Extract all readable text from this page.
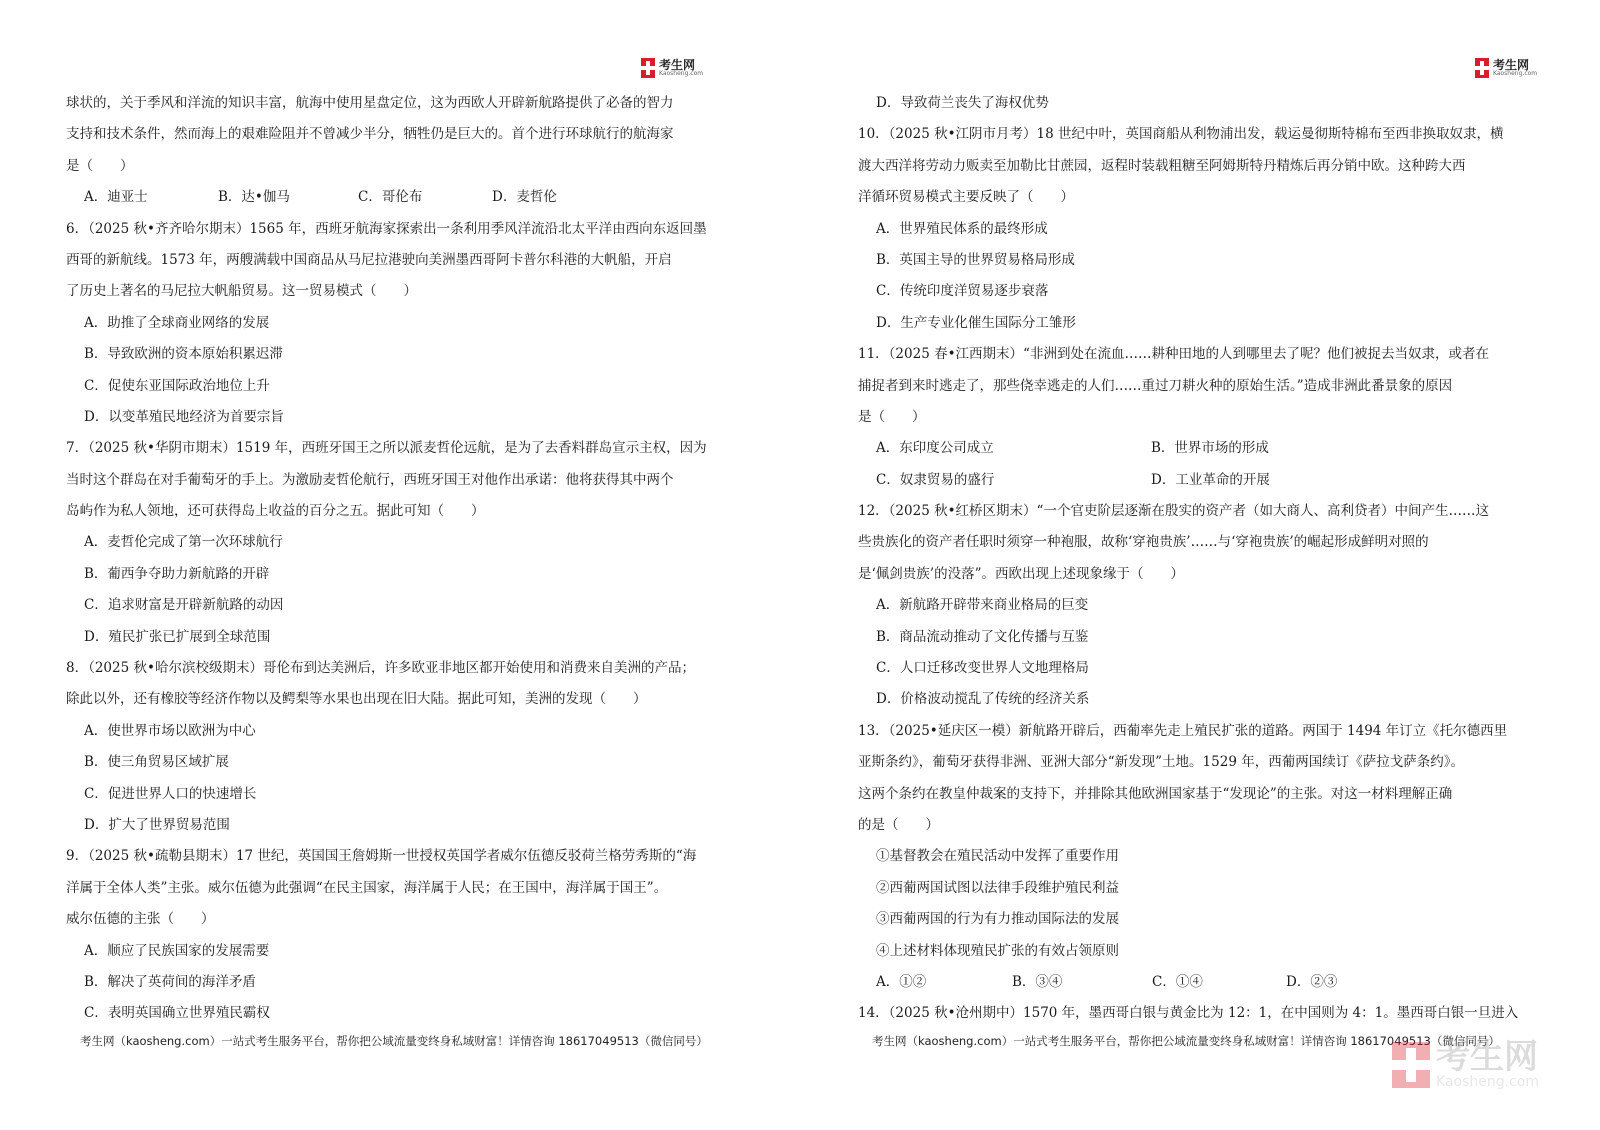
考生网
Kaosheng.com
球状的，关于季风和洋流的知识丰富，航海中使用星盘定位，这为西欧人开辟新航路提供了必备的智力
支持和技术条件，然而海上的艰难险阻并不曾减少半分，牺牲仍是巨大的。首个进行环球航行的航海家
是（　　）
A．迪亚士	B．达•伽马	C．哥伦布	D．麦哲伦
6．（2025 秋•齐齐哈尔期末）1565 年，西班牙航海家探索出一条利用季风洋流沿北太平洋由西向东返回墨
西哥的新航线。1573 年，两艘满载中国商品从马尼拉港驶向美洲墨西哥阿卡普尔科港的大帆船，开启
了历史上著名的马尼拉大帆船贸易。这一贸易模式（　　）
A．助推了全球商业网络的发展
B．导致欧洲的资本原始积累迟滞
C．促使东亚国际政治地位上升
D．以变革殖民地经济为首要宗旨
7．（2025 秋•华阴市期末）1519 年，西班牙国王之所以派麦哲伦远航，是为了去香料群岛宣示主权，因为
当时这个群岛在对手葡萄牙的手上。为激励麦哲伦航行，西班牙国王对他作出承诺：他将获得其中两个
岛屿作为私人领地，还可获得岛上收益的百分之五。据此可知（　　）
A．麦哲伦完成了第一次环球航行
B．葡西争夺助力新航路的开辟
C．追求财富是开辟新航路的动因
D．殖民扩张已扩展到全球范围
8．（2025 秋•哈尔滨校级期末）哥伦布到达美洲后，许多欧亚非地区都开始使用和消费来自美洲的产品；
除此以外，还有橡胶等经济作物以及鳄梨等水果也出现在旧大陆。据此可知，美洲的发现（　　）
A．使世界市场以欧洲为中心
B．使三角贸易区域扩展
C．促进世界人口的快速增长
D．扩大了世界贸易范围
9．（2025 秋•疏勒县期末）17 世纪，英国国王詹姆斯一世授权英国学者威尔伍德反驳荷兰格劳秀斯的“海
洋属于全体人类”主张。威尔伍德为此强调“在民主国家，海洋属于人民；在王国中，海洋属于国王”。
威尔伍德的主张（　　）
A．顺应了民族国家的发展需要
B．解决了英荷间的海洋矛盾
C．表明英国确立世界殖民霸权
考生网（kaosheng.com）一站式考生服务平台，帮你把公域流量变终身私域财富！详情咨询 18617049513（微信同号）
考生网
Kaosheng.com
D．导致荷兰丧失了海权优势
10．（2025 秋•江阴市月考）18 世纪中叶，英国商船从利物浦出发，载运曼彻斯特棉布至西非换取奴隶，横
渡大西洋将劳动力贩卖至加勒比甘蔗园，返程时装载粗糖至阿姆斯特丹精炼后再分销中欧。这种跨大西
洋循环贸易模式主要反映了（　　）
A．世界殖民体系的最终形成
B．英国主导的世界贸易格局形成
C．传统印度洋贸易逐步衰落
D．生产专业化催生国际分工雏形
11．（2025 春•江西期末）“非洲到处在流血……耕种田地的人到哪里去了呢？他们被捉去当奴隶，或者在
捕捉者到来时逃走了，那些侥幸逃走的人们……重过刀耕火种的原始生活。”造成非洲此番景象的原因
是（　　）
A．东印度公司成立	B．世界市场的形成
C．奴隶贸易的盛行	D．工业革命的开展
12．（2025 秋•红桥区期末）“一个官吏阶层逐渐在殷实的资产者（如大商人、高利贷者）中间产生……这
些贵族化的资产者任职时须穿一种袍服，故称‘穿袍贵族’……与‘穿袍贵族’的崛起形成鲜明对照的
是‘佩剑贵族’的没落”。西欧出现上述现象缘于（　　）
A．新航路开辟带来商业格局的巨变
B．商品流动推动了文化传播与互鉴
C．人口迁移改变世界人文地理格局
D．价格波动搅乱了传统的经济关系
13．（2025•延庆区一模）新航路开辟后，西葡率先走上殖民扩张的道路。两国于 1494 年订立《托尔德西里
亚斯条约》，葡萄牙获得非洲、亚洲大部分“新发现”土地。1529 年，西葡两国续订《萨拉戈萨条约》。
这两个条约在教皇仲裁案的支持下，并排除其他欧洲国家基于“发现论”的主张。对这一材料理解正确
的是（　　）
①基督教会在殖民活动中发挥了重要作用
②西葡两国试图以法律手段维护殖民利益
③西葡两国的行为有力推动国际法的发展
④上述材料体现殖民扩张的有效占领原则
A．①②	B．③④	C．①④	D．②③
14．（2025 秋•沧州期中）1570 年，墨西哥白银与黄金比为 12：1，在中国则为 4：1。墨西哥白银一旦进入
考生网（kaosheng.com）一站式考生服务平台，帮你把公域流量变终身私域财富！详情咨询 18617049513（微信同号）
考生网
Kaosheng.com
